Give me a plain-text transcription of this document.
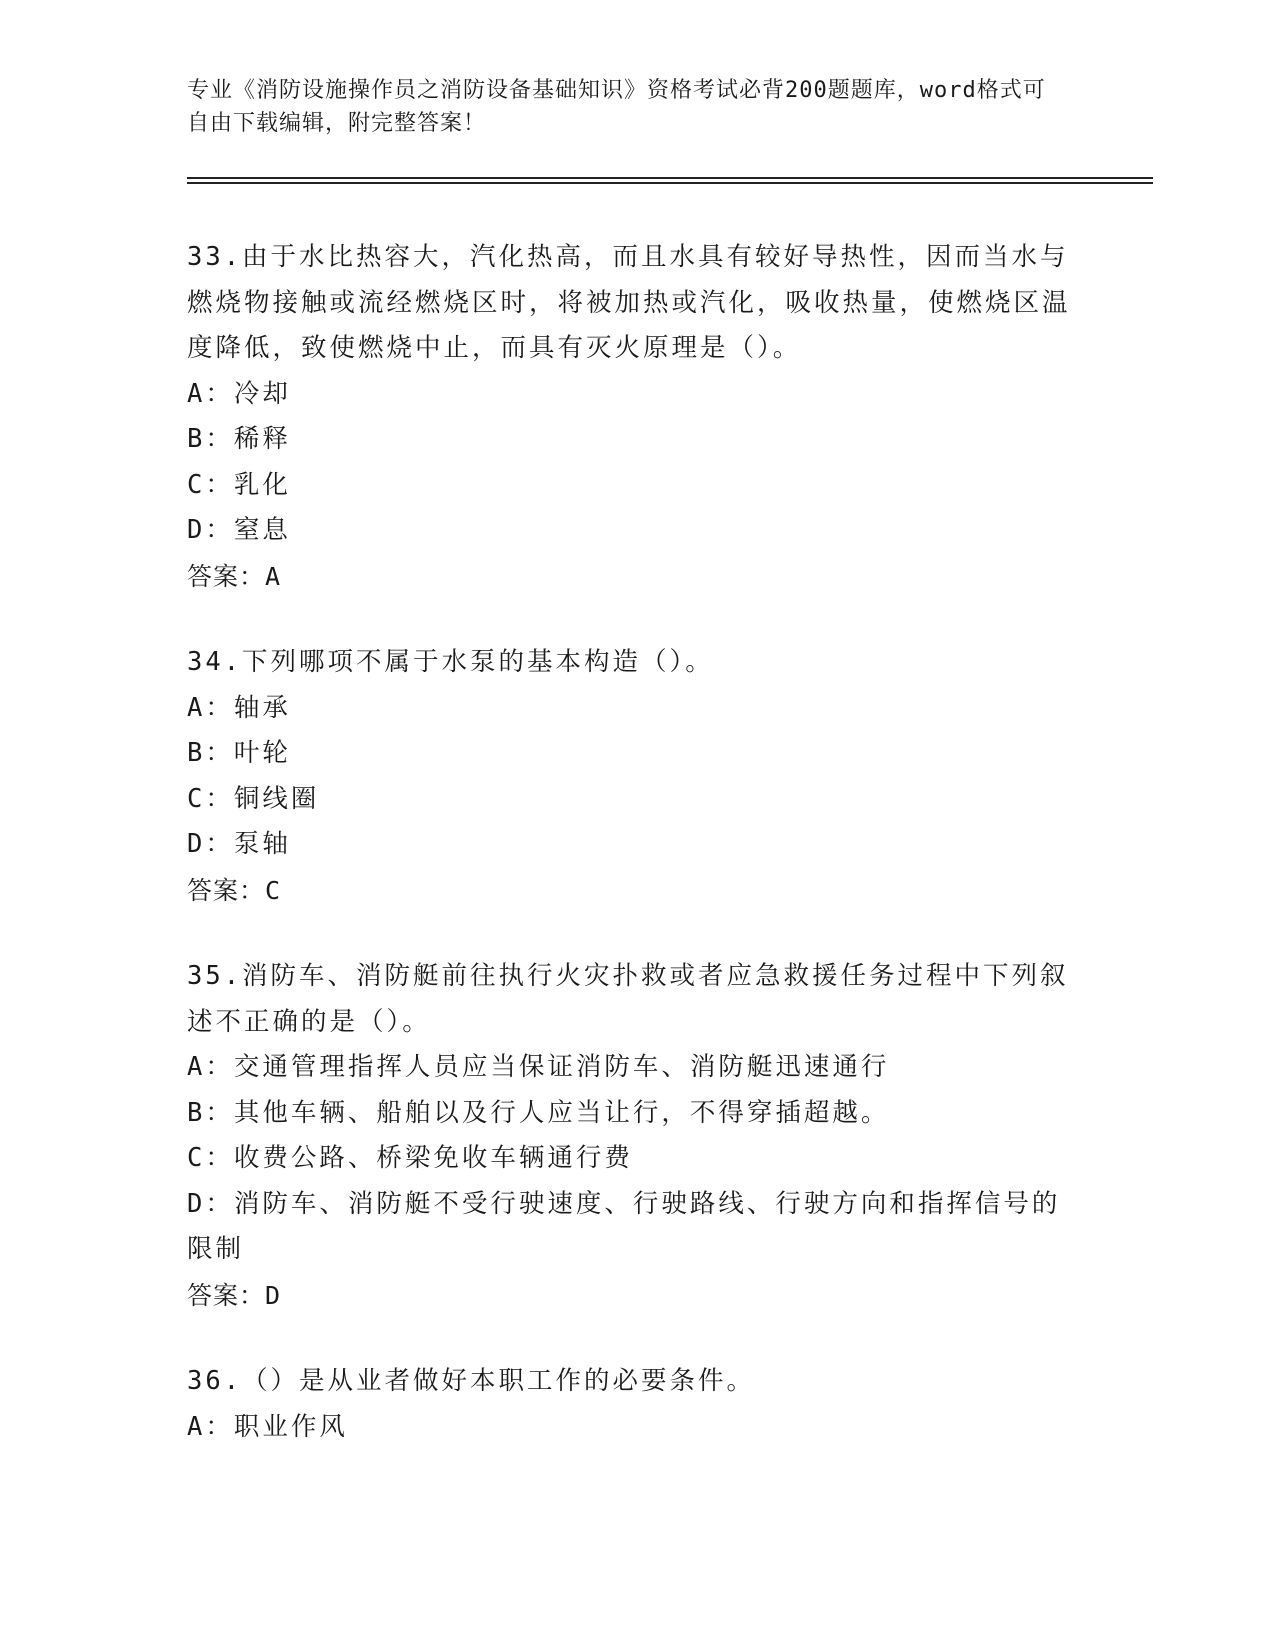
专业《消防设施操作员之消防设备基础知识》资格考试必背200题题库，word格式可自由下载编辑，附完整答案！
33.由于水比热容大，汽化热高，而且水具有较好导热性，因而当水与燃烧物接触或流经燃烧区时，将被加热或汽化，吸收热量，使燃烧区温度降低，致使燃烧中止，而具有灭火原理是（）。
A：冷却
B：稀释
C：乳化
D：窒息
答案：A
34.下列哪项不属于水泵的基本构造（）。
A：轴承
B：叶轮
C：铜线圈
D：泵轴
答案：C
35.消防车、消防艇前往执行火灾扑救或者应急救援任务过程中下列叙述不正确的是（）。
A：交通管理指挥人员应当保证消防车、消防艇迅速通行
B：其他车辆、船舶以及行人应当让行，不得穿插超越。
C：收费公路、桥梁免收车辆通行费
D：消防车、消防艇不受行驶速度、行驶路线、行驶方向和指挥信号的限制
答案：D
36.（）是从业者做好本职工作的必要条件。
A：职业作风
